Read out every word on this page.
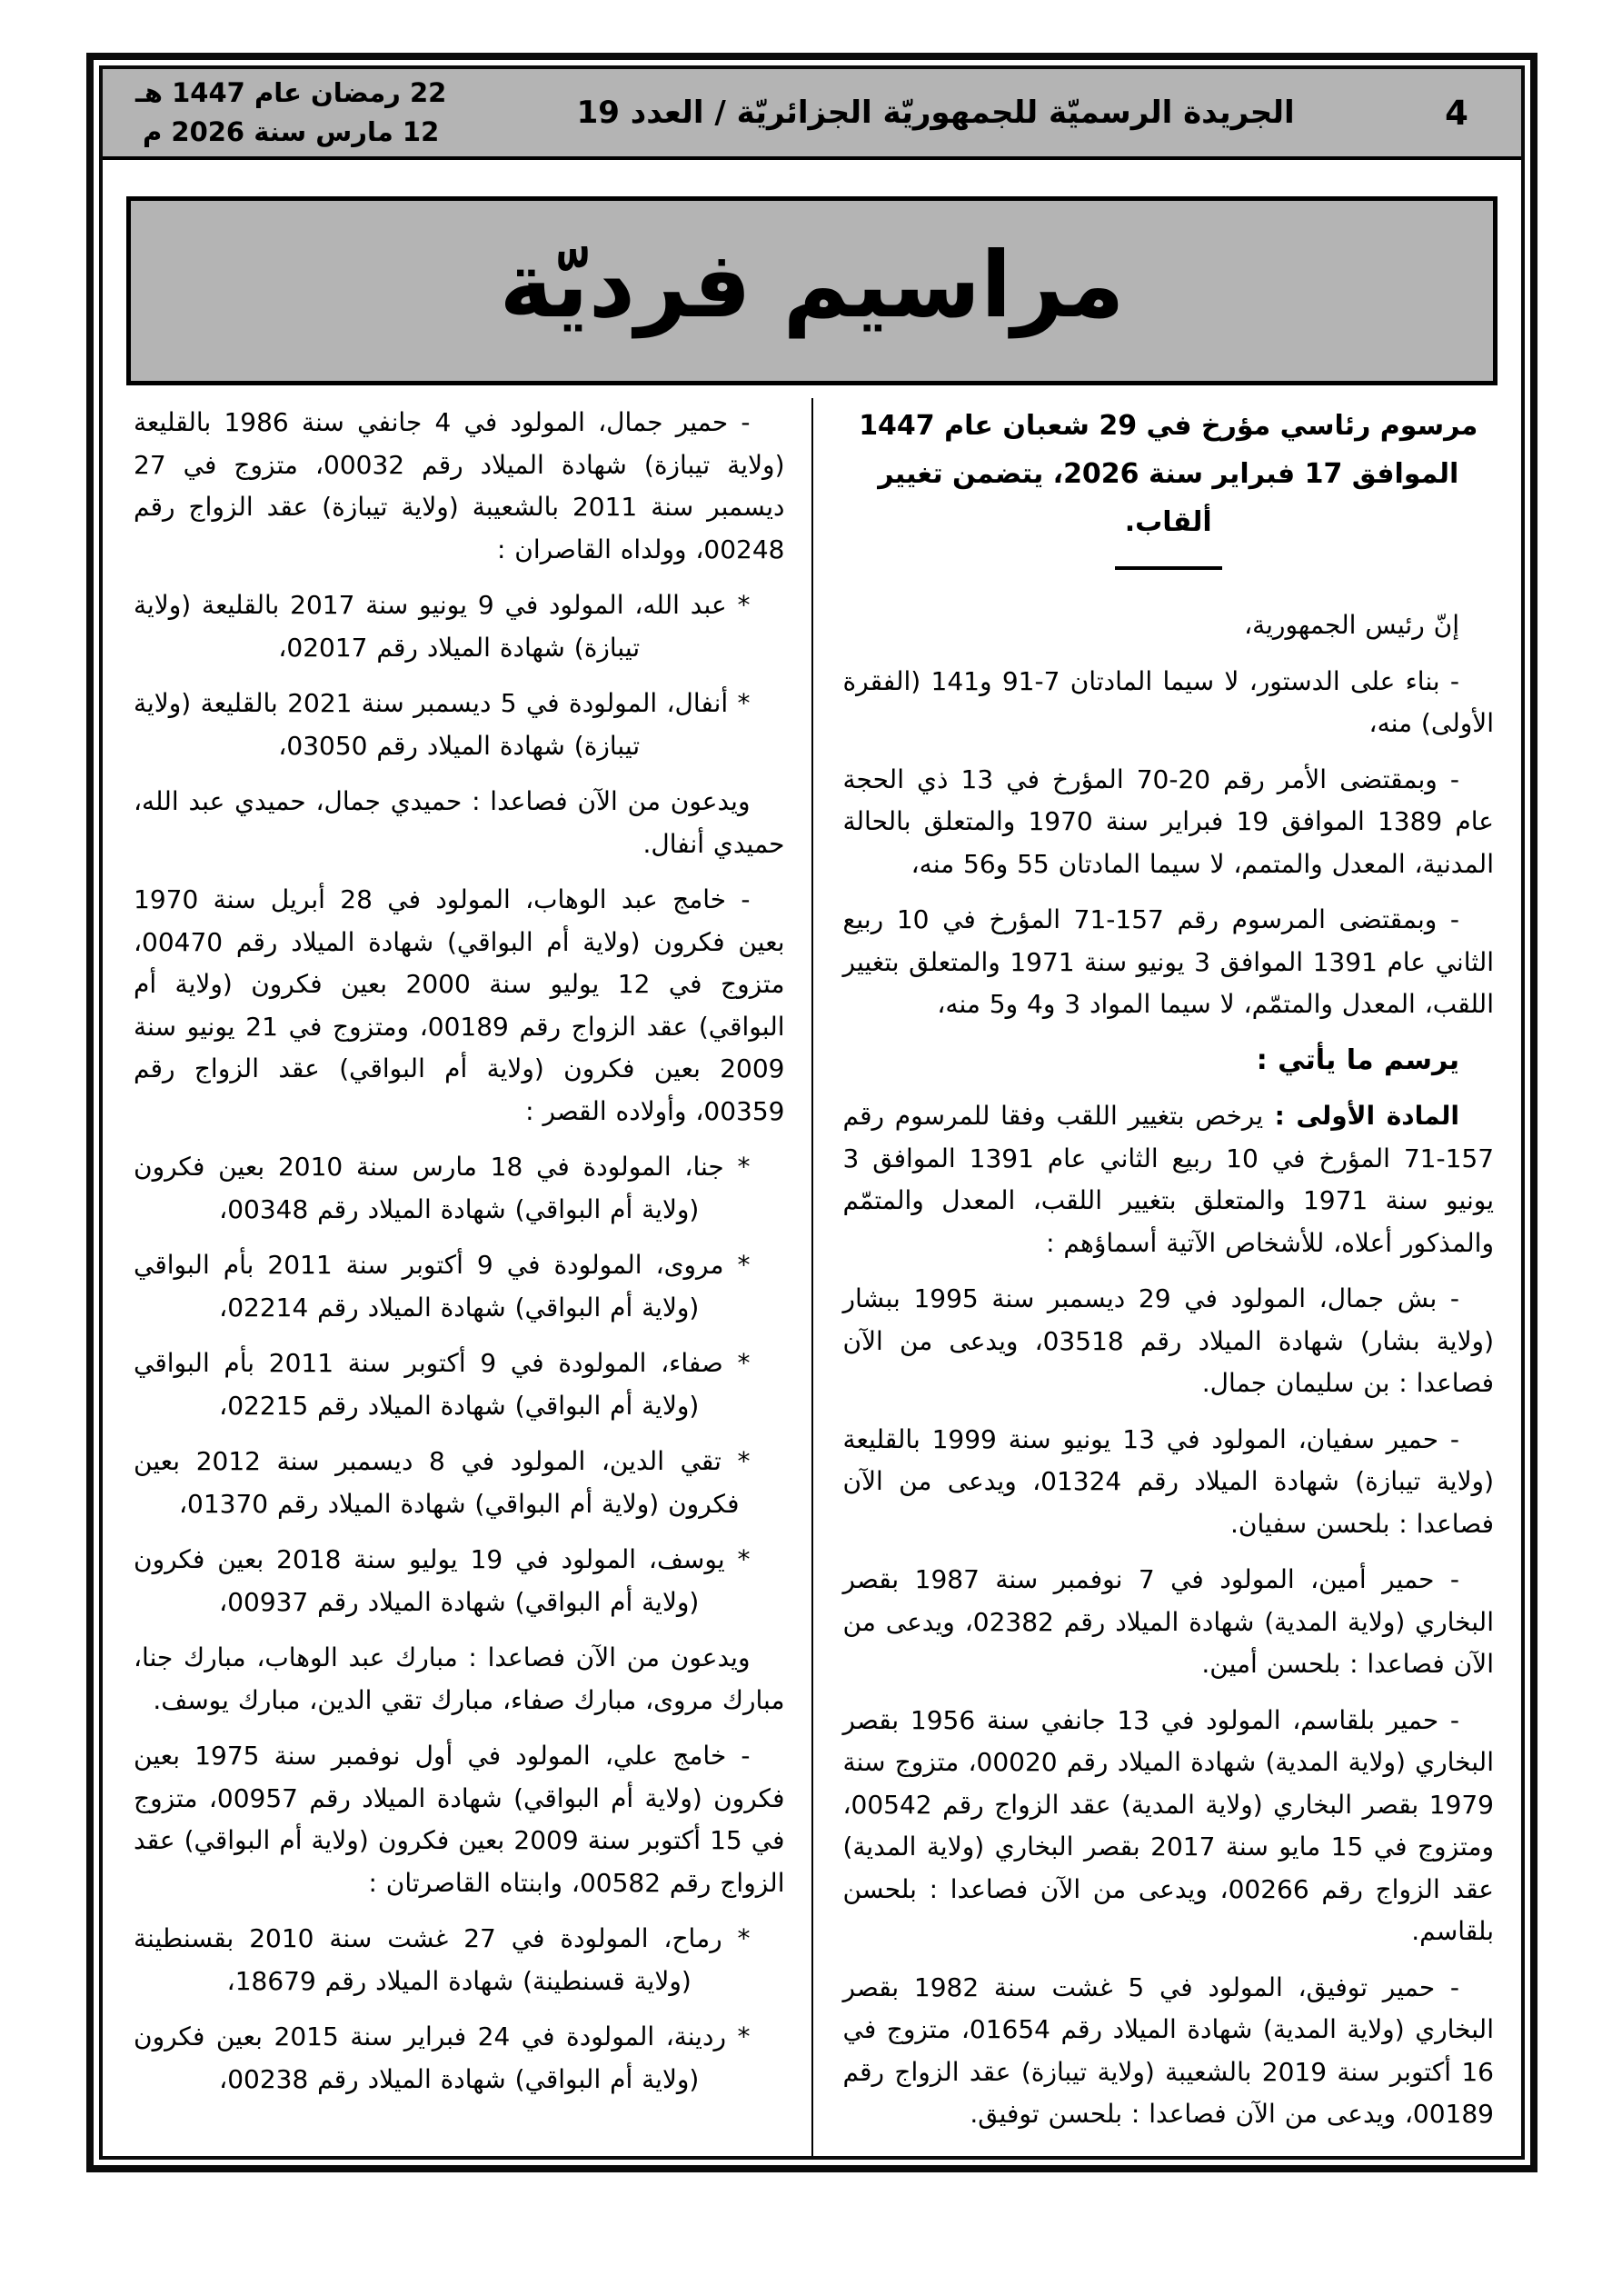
4
الجريدة الرسميّة للجمهوريّة الجزائريّة / العدد 19
22 رمضان عام 1447 هـ
12 مارس سنة 2026 م
مراسيم فرديّة
مرسوم رئاسي مؤرخ في 29 شعبان عام 1447 الموافق 17 فبراير سنة 2026، يتضمن تغيير ألقاب.

إنّ رئيس الجمهورية،

- بناء على الدستور، لا سيما المادتان 7-91 و141 (الفقرة الأولى) منه،

- وبمقتضى الأمر رقم 20-70 المؤرخ في 13 ذي الحجة عام 1389 الموافق 19 فبراير سنة 1970 والمتعلق بالحالة المدنية، المعدل والمتمم، لا سيما المادتان 55 و56 منه،

- وبمقتضى المرسوم رقم 157-71 المؤرخ في 10 ربيع الثاني عام 1391 الموافق 3 يونيو سنة 1971 والمتعلق بتغيير اللقب، المعدل والمتمّم، لا سيما المواد 3 و4 و5 منه،

يرسم ما يأتي :

المادة الأولى : يرخص بتغيير اللقب وفقا للمرسوم رقم 157-71 المؤرخ في 10 ربيع الثاني عام 1391 الموافق 3 يونيو سنة 1971 والمتعلق بتغيير اللقب، المعدل والمتمّم والمذكور أعلاه، للأشخاص الآتية أسماؤهم :

- بش جمال، المولود في 29 ديسمبر سنة 1995 ببشار (ولاية بشار) شهادة الميلاد رقم 03518، ويدعى من الآن فصاعدا : بن سليمان جمال.

- حمير سفيان، المولود في 13 يونيو سنة 1999 بالقليعة (ولاية تيبازة) شهادة الميلاد رقم 01324، ويدعى من الآن فصاعدا : بلحسن سفيان.

- حمير أمين، المولود في 7 نوفمبر سنة 1987 بقصر البخاري (ولاية المدية) شهادة الميلاد رقم 02382، ويدعى من الآن فصاعدا : بلحسن أمين.

- حمير بلقاسم، المولود في 13 جانفي سنة 1956 بقصر البخاري (ولاية المدية) شهادة الميلاد رقم 00020، متزوج سنة 1979 بقصر البخاري (ولاية المدية) عقد الزواج رقم 00542، ومتزوج في 15 مايو سنة 2017 بقصر البخاري (ولاية المدية) عقد الزواج رقم 00266، ويدعى من الآن فصاعدا : بلحسن بلقاسم.

- حمير توفيق، المولود في 5 غشت سنة 1982 بقصر البخاري (ولاية المدية) شهادة الميلاد رقم 01654، متزوج في 16 أكتوبر سنة 2019 بالشعيبة (ولاية تيبازة) عقد الزواج رقم 00189، ويدعى من الآن فصاعدا : بلحسن توفيق.

- حمير جمال، المولود في 4 جانفي سنة 1986 بالقليعة (ولاية تيبازة) شهادة الميلاد رقم 00032، متزوج في 27 ديسمبر سنة 2011 بالشعيبة (ولاية تيبازة) عقد الزواج رقم 00248، وولداه القاصران :

* عبد الله، المولود في 9 يونيو سنة 2017 بالقليعة (ولاية تيبازة) شهادة الميلاد رقم 02017،

* أنفال، المولودة في 5 ديسمبر سنة 2021 بالقليعة (ولاية تيبازة) شهادة الميلاد رقم 03050،

ويدعون من الآن فصاعدا : حميدي جمال، حميدي عبد الله، حميدي أنفال.

- خامج عبد الوهاب، المولود في 28 أبريل سنة 1970 بعين فكرون (ولاية أم البواقي) شهادة الميلاد رقم 00470، متزوج في 12 يوليو سنة 2000 بعين فكرون (ولاية أم البواقي) عقد الزواج رقم 00189، ومتزوج في 21 يونيو سنة 2009 بعين فكرون (ولاية أم البواقي) عقد الزواج رقم 00359، وأولاده القصر :

* جنا، المولودة في 18 مارس سنة 2010 بعين فكرون (ولاية أم البواقي) شهادة الميلاد رقم 00348،

* مروى، المولودة في 9 أكتوبر سنة 2011 بأم البواقي (ولاية أم البواقي) شهادة الميلاد رقم 02214،

* صفاء، المولودة في 9 أكتوبر سنة 2011 بأم البواقي (ولاية أم البواقي) شهادة الميلاد رقم 02215،

* تقي الدين، المولود في 8 ديسمبر سنة 2012 بعين فكرون (ولاية أم البواقي) شهادة الميلاد رقم 01370،

* يوسف، المولود في 19 يوليو سنة 2018 بعين فكرون (ولاية أم البواقي) شهادة الميلاد رقم 00937،

ويدعون من الآن فصاعدا : مبارك عبد الوهاب، مبارك جنا، مبارك مروى، مبارك صفاء، مبارك تقي الدين، مبارك يوسف.

- خامج علي، المولود في أول نوفمبر سنة 1975 بعين فكرون (ولاية أم البواقي) شهادة الميلاد رقم 00957، متزوج في 15 أكتوبر سنة 2009 بعين فكرون (ولاية أم البواقي) عقد الزواج رقم 00582، وابنتاه القاصرتان :

* رماح، المولودة في 27 غشت سنة 2010 بقسنطينة (ولاية قسنطينة) شهادة الميلاد رقم 18679،

* ردينة، المولودة في 24 فبراير سنة 2015 بعين فكرون (ولاية أم البواقي) شهادة الميلاد رقم 00238،
